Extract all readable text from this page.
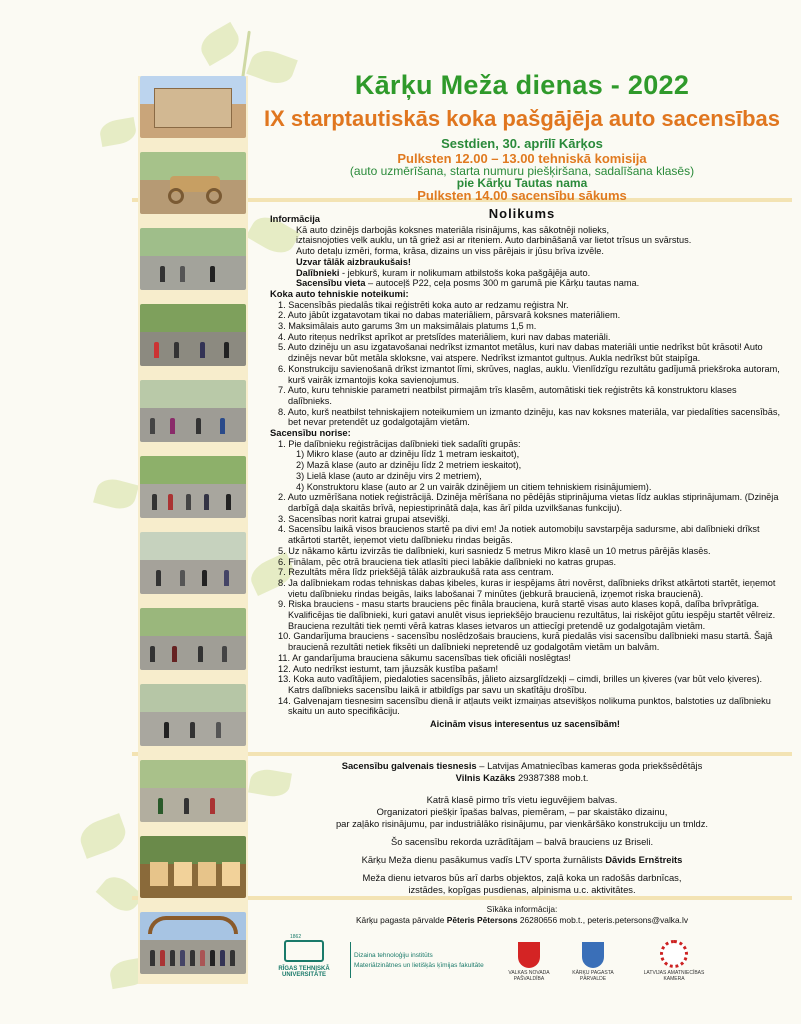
Kārķu Meža dienas - 2022
IX starptautiskās koka pašgājēja auto sacensības
Sestdien, 30. aprīlī Kārķos
Pulksten 12.00 – 13.00 tehniskā komisija
(auto uzmērīšana, starta numuru piešķiršana, sadalīšana klasēs)
pie Kārķu Tautas nama
Pulksten 14.00 sacensību sākums
Nolikums
Informācija
Kā auto dzinējs darbojās koksnes materiāla risinājums, kas sākotnēji nolieks,
iztaisnojoties velk auklu, un tā griež asi ar riteniem. Auto darbināšanā var lietot trīsus un svārstus.
Auto detaļu izmēri, forma, krāsa, dizains un viss pārējais ir jūsu brīva izvēle.
Uzvar tālāk aizbraukušais!
Dalībnieki - jebkurš, kuram ir nolikumam atbilstošs koka pašgājēja auto.
Sacensību vieta – autoceļš P22, ceļa posms 300 m garumā pie Kārķu tautas nama.
Koka auto tehniskie noteikumi:
1. Sacensībās piedalās tikai reģistrēti koka auto ar redzamu reģistra Nr.
2. Auto jābūt izgatavotam tikai no dabas materiāliem, pārsvarā koksnes materiāliem.
3. Maksimālais auto garums 3m un maksimālais platums 1,5 m.
4. Auto riteņus nedrīkst aprīkot ar pretslīdes materiāliem, kuri nav dabas materiāli.
5. Auto dzinēju un asu izgatavošanai nedrīkst izmantot metālus, kuri nav dabas materiāli untie nedrīkst būt krāsoti! Auto dzinējs nevar būt metāla skloksne, vai atspere. Nedrīkst izmantot gultņus. Aukla nedrīkst būt staipīga.
6. Konstrukciju savienošanā drīkst izmantot līmi, skrūves, naglas, auklu. Vienlīdzīgu rezultātu gadījumā priekšroka autoram, kurš vairāk izmantojis koka savienojumus.
7. Auto, kuru tehniskie parametri neatbilst pirmajām trīs klasēm, automātiski tiek reģistrēts kā konstruktoru klases dalībnieks.
8. Auto, kurš neatbilst tehniskajiem noteikumiem un izmanto dzinēju, kas nav koksnes materiāla, var piedalīties sacensībās, bet nevar pretendēt uz godalgotajām vietām.
Sacensību norise:
1. Pie dalībnieku reģistrācijas dalībnieki tiek sadalīti grupās:
1) Mikro klase (auto ar dzinēju līdz 1 metram ieskaitot),
2) Mazā klase (auto ar dzinēju līdz 2 metriem ieskaitot),
3) Lielā klase (auto ar dzinēju virs 2 metriem),
4) Konstruktoru klase (auto ar 2 un vairāk dzinējiem un citiem tehniskiem risinājumiem).
2. Auto uzmērīšana notiek reģistrācijā. Dzinēja mērīšana no pēdējās stiprinājuma vietas līdz auklas stiprinājumam. (Dzinēja darbīgā daļa skaitās brīvā, nepiestiprinātā daļa, kas ārī pilda uzvilkšanas funkciju).
3. Sacensības norit katrai grupai atsevišķi.
4. Sacensību laikā visos braucienos startē pa divi em! Ja notiek automobiļu savstarpēja sadursme, abi dalībnieki drīkst atkārtoti startēt, ieņemot vietu dalībnieku rindas beigās.
5. Uz nākamo kārtu izvirzās tie dalībnieki, kuri sasniedz 5 metrus Mikro klasē un 10 metrus pārējās klasēs.
6. Finālam, pēc otrā brauciena tiek atlasīti pieci labākie dalībnieki no katras grupas.
7. Rezultāts mēra līdz priekšējā tālāk aizbraukušā rata ass centram.
8. Ja dalībniekam rodas tehniskas dabas ķibeles, kuras ir iespējams ātri novērst, dalībnieks drīkst atkārtoti startēt, ieņemot vietu dalībnieku rindas beigās, laiks labošanai 7 minūtes (jebkurā braucienā, izņemot riska braucienā).
9. Riska brauciens - masu starts brauciens pēc fināla brauciena, kurā startē visas auto klases kopā, dalība brīvprātīga. Kvalificējas tie dalībnieki, kuri gatavi anulēt visus iepriekšējo braucienu rezultātus, lai riskējot gūtu iespēju startēt vēlreiz. Brauciena rezultāti tiek ņemti vērā katras klases ietvaros un attiecīgi pretendē uz godalgotajām vietām.
10. Gandarījuma brauciens - sacensību noslēdzošais brauciens, kurā piedalās visi sacensību dalībnieki masu startā. Šajā braucienā rezultāti netiek fiksēti un dalībnieki nepretendē uz godalgotām vietām un balvām.
11. Ar gandarījuma brauciena sākumu sacensības tiek oficiāli noslēgtas!
12. Auto nedrīkst iestumt, tam jāuzsāk kustība pašam!
13. Koka auto vadītājiem, piedaloties sacensībās, jālieto aizsarglīdzekļi – cimdi, brilles un ķiveres (var būt velo ķiveres). Katrs dalībnieks sacensību laikā ir atbildīgs par savu un skatītāju drošību.
14. Galvenajam tiesnesim sacensību dienā ir atļauts veikt izmaiņas atsevišķos nolikuma punktos, balstoties uz dalībnieku skaitu un auto specifikāciju.
Aicinām visus interesentus uz sacensībām!
Sacensību galvenais tiesnesis – Latvijas Amatniecības kameras goda priekšsēdētājs
Vilnis Kazāks 29387388 mob.t.
Katrā klasē pirmo trīs vietu ieguvējiem balvas.
Organizatori piešķir īpašas balvas, piemēram, – par skaistāko dizainu,
par zaļāko risinājumu, par industriālāko risinājumu, par vienkāršāko konstrukciju un tmldz.
Šo sacensību rekorda uzrādītājam – balvā brauciens uz Briseli.
Kārķu Meža dienu pasākumus vadīs LTV sporta žurnālists Dāvids Ernštreits
Meža dienu ietvaros būs arī darbs objektos, zaļā koka un radošās darbnīcas,
izstādes, kopīgas pusdienas, alpinisma u.c. aktivitātes.
Sīkāka informācija:
Kārķu pagasta pārvalde Pēteris Pētersons 26280656 mob.t., peteris.petersons@valka.lv
1862
RĪGAS TEHNISKĀ UNIVERSITĀTE
Dizaina tehnoloģiju institūts
Materiālzinātnes un lietišķās ķīmijas fakultāte
VALKAS NOVADA PAŠVALDĪBA
KĀRĶU PAGASTA PĀRVALDE
LATVIJAS AMATNIECĪBAS KAMERA
